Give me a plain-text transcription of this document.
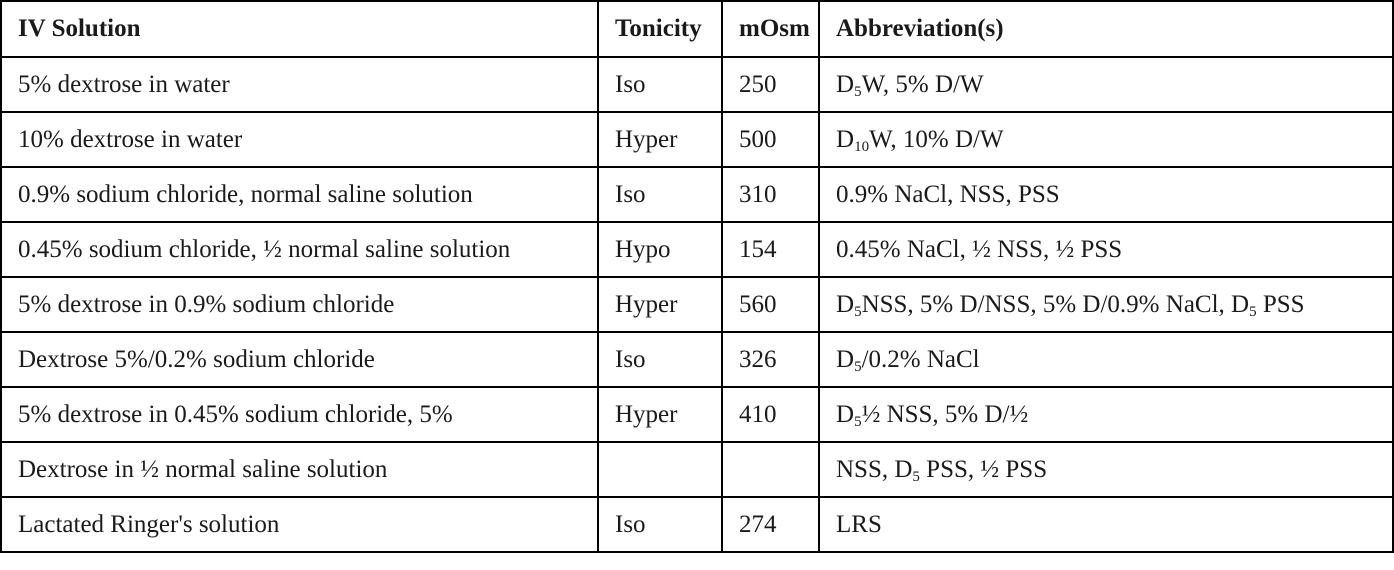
IV Solution	Tonicity	mOsm	Abbreviation(s)
5% dextrose in water	Iso	250	$D_5W$, 5% D/W
10% dextrose in water	Hyper	500	$D_{10}W$, 10% D/W
0.9% sodium chloride, normal saline solution	Iso	310	0.9% NaCl, NSS, PSS
0.45% sodium chloride, ½ normal saline solution	Hypo	154	0.45% NaCl, ½ NSS, ½ PSS
5% dextrose in 0.9% sodium chloride	Hyper	560	$D_5NSS$, 5% D/NSS, 5% D/0.9% NaCl, $D_5$ PSS
Dextrose 5%/0.2% sodium chloride	Iso	326	$D_5/0.2\%$ NaCl
5% dextrose in 0.45% sodium chloride, 5%	Hyper	410	$D_5\frac{1}{2}$ NSS, 5% D/½
Dextrose in ½ normal saline solution			NSS, $D_5$ PSS, ½ PSS
Lactated Ringer's solution	Iso	274	LRS
